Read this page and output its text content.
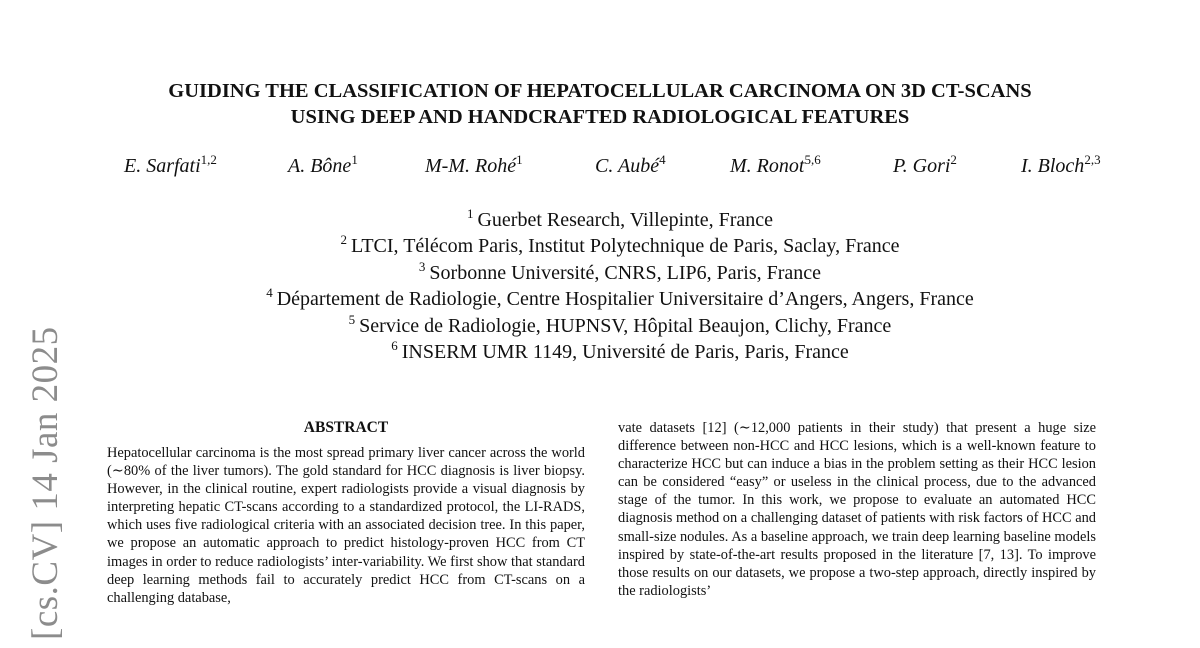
[cs.CV] 14 Jan 2025
GUIDING THE CLASSIFICATION OF HEPATOCELLULAR CARCINOMA ON 3D CT-SCANS
USING DEEP AND HANDCRAFTED RADIOLOGICAL FEATURES
E. Sarfati$^{1,2}$	A. Bône$^1$	M-M. Rohé$^1$	C. Aubé$^4$	M. Ronot$^{5,6}$	P. Gori$^2$	I. Bloch$^{2,3}$
$^1$ Guerbet Research, Villepinte, France
$^2$ LTCI, Télécom Paris, Institut Polytechnique de Paris, Saclay, France
$^3$ Sorbonne Université, CNRS, LIP6, Paris, France
$^4$ Département de Radiologie, Centre Hospitalier Universitaire d’Angers, Angers, France
$^5$ Service de Radiologie, HUPNSV, Hôpital Beaujon, Clichy, France
$^6$ INSERM UMR 1149, Université de Paris, Paris, France
ABSTRACT
Hepatocellular carcinoma is the most spread primary liver cancer across the world (∼80% of the liver tumors). The gold standard for HCC diagnosis is liver biopsy. However, in the clinical routine, expert radiologists provide a visual diagnosis by interpreting hepatic CT-scans according to a standardized protocol, the LI-RADS, which uses five radiological criteria with an associated decision tree. In this paper, we propose an automatic approach to predict histology-proven HCC from CT images in order to reduce radiologists’ inter-variability. We first show that standard deep learning methods fail to accurately predict HCC from CT-scans on a challenging database,
vate datasets [12] (∼12,000 patients in their study) that present a huge size difference between non-HCC and HCC lesions, which is a well-known feature to characterize HCC but can induce a bias in the problem setting as their HCC lesion can be considered “easy” or useless in the clinical process, due to the advanced stage of the tumor. In this work, we propose to evaluate an automated HCC diagnosis method on a challenging dataset of patients with risk factors of HCC and small-size nodules. As a baseline approach, we train deep learning baseline models inspired by state-of-the-art results proposed in the literature [7, 13]. To improve those results on our datasets, we propose a two-step approach, directly inspired by the radiologists’
